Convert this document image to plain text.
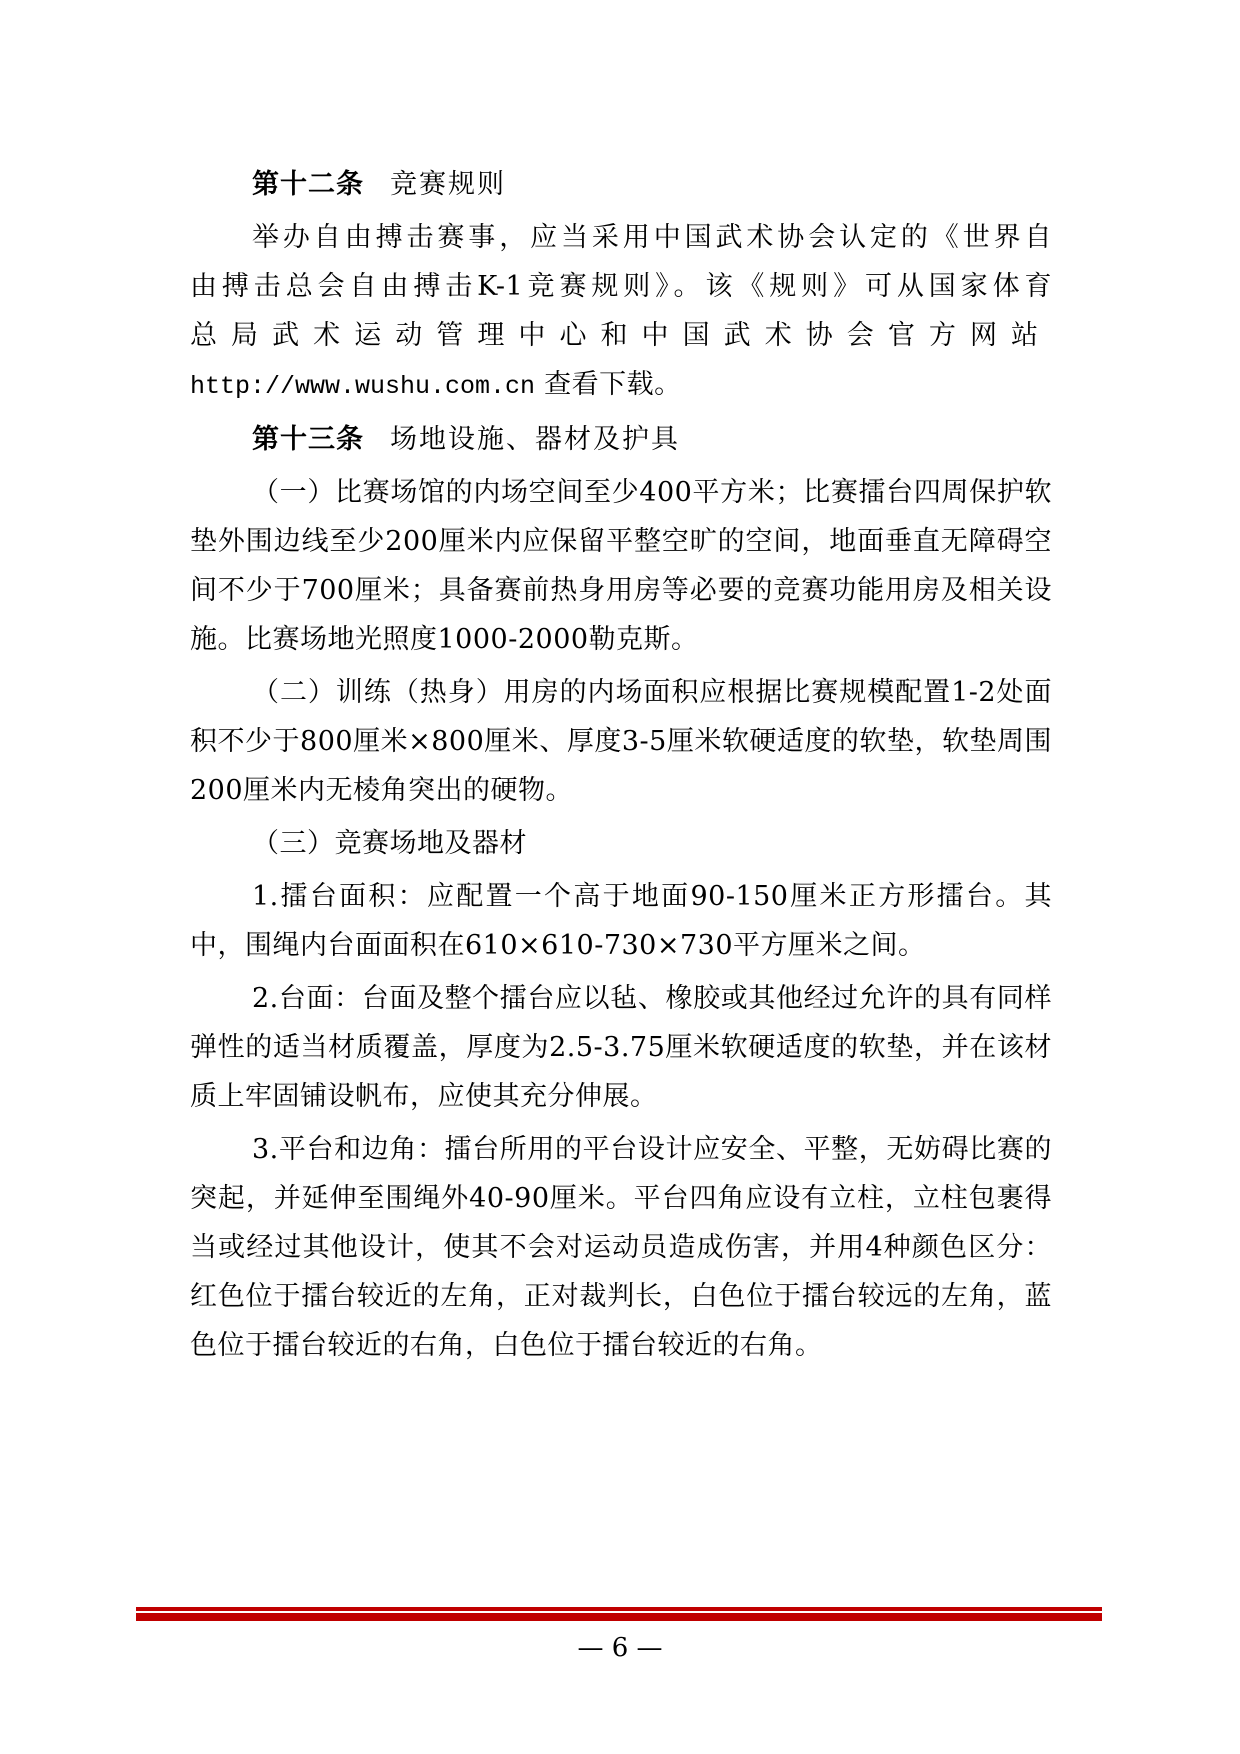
第十二条 竞赛规则

举办自由搏击赛事，应当采用中国武术协会认定的《世界自

由搏击总会自由搏击K-1竞赛规则》。该《规则》可从国家体育

总局武术运动管理中心和中国武术协会官方网站

http://www.wushu.com.cn 查看下载。

第十三条 场地设施、器材及护具

（一）比赛场馆的内场空间至少400平方米；比赛擂台四周保护软垫外围边线至少200厘米内应保留平整空旷的空间，地面垂直无障碍空间不少于700厘米；具备赛前热身用房等必要的竞赛功能用房及相关设施。比赛场地光照度1000-2000勒克斯。

（二）训练（热身）用房的内场面积应根据比赛规模配置1-2处面积不少于800厘米×800厘米、厚度3-5厘米软硬适度的软垫，软垫周围200厘米内无棱角突出的硬物。

（三）竞赛场地及器材

1.擂台面积：应配置一个高于地面90-150厘米正方形擂台。其中，围绳内台面面积在610×610-730×730平方厘米之间。

2.台面：台面及整个擂台应以毡、橡胶或其他经过允许的具有同样弹性的适当材质覆盖，厚度为2.5-3.75厘米软硬适度的软垫，并在该材质上牢固铺设帆布，应使其充分伸展。

3.平台和边角：擂台所用的平台设计应安全、平整，无妨碍比赛的突起，并延伸至围绳外40-90厘米。平台四角应设有立柱，立柱包裹得当或经过其他设计，使其不会对运动员造成伤害，并用4种颜色区分：红色位于擂台较近的左角，正对裁判长，白色位于擂台较远的左角，蓝色位于擂台较近的右角，白色位于擂台较近的右角。

— 6 —
